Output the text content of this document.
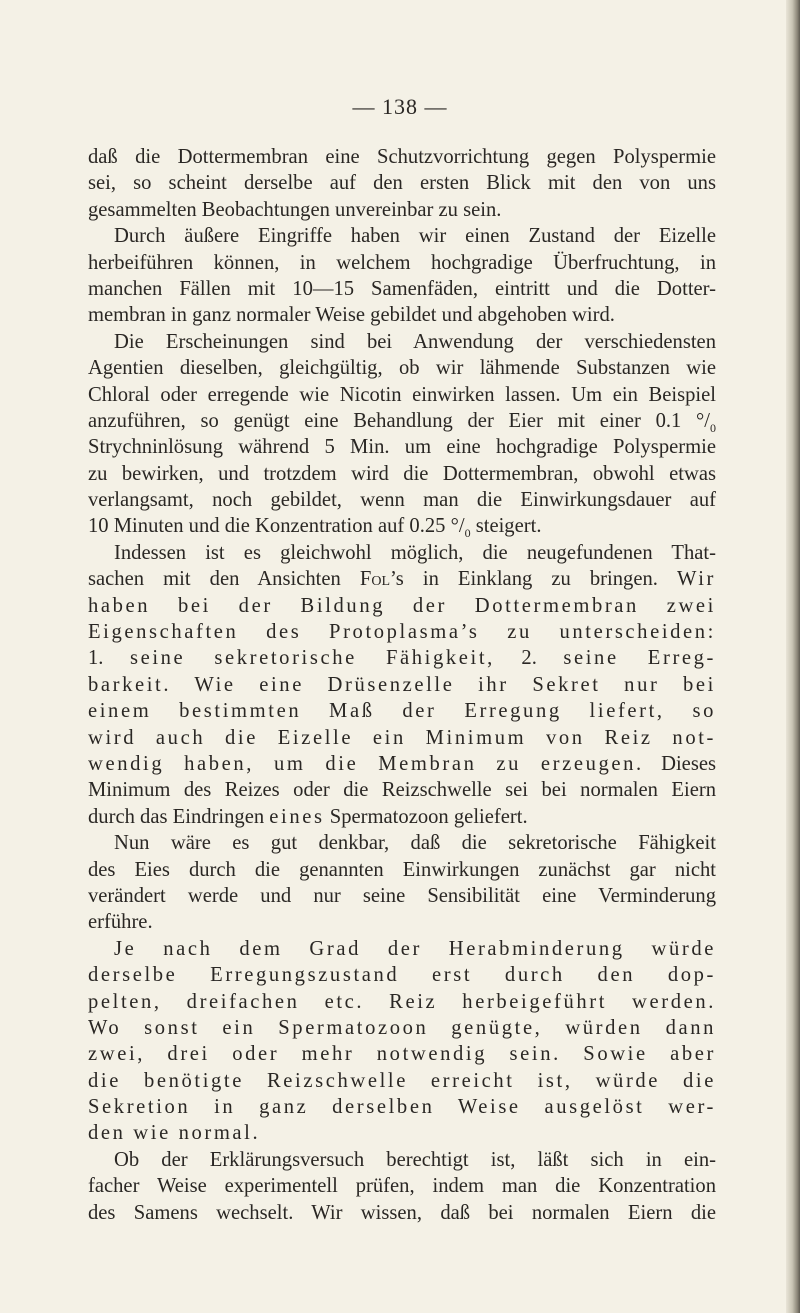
— 138 —
daß die Dottermembran eine Schutzvorrichtung gegen Polyspermie
sei, so scheint derselbe auf den ersten Blick mit den von uns
gesammelten Beobachtungen unvereinbar zu sein.
Durch äußere Eingriffe haben wir einen Zustand der Eizelle
herbeiführen können, in welchem hochgradige Überfruchtung, in
manchen Fällen mit 10—15 Samenfäden, eintritt und die Dotter-
membran in ganz normaler Weise gebildet und abgehoben wird.
Die Erscheinungen sind bei Anwendung der verschiedensten
Agentien dieselben, gleichgültig, ob wir lähmende Substanzen wie
Chloral oder erregende wie Nicotin einwirken lassen. Um ein Beispiel
anzuführen, so genügt eine Behandlung der Eier mit einer 0.1 $^\circ/_0$
Strychninlösung während 5 Min. um eine hochgradige Polyspermie
zu bewirken, und trotzdem wird die Dottermembran, obwohl etwas
verlangsamt, noch gebildet, wenn man die Einwirkungsdauer auf
10 Minuten und die Konzentration auf 0.25 $^\circ/_0$ steigert.
Indessen ist es gleichwohl möglich, die neugefundenen That-
sachen mit den Ansichten Fol’s in Einklang zu bringen. Wir
haben bei der Bildung der Dottermembran zwei
Eigenschaften des Protoplasma’s zu unterscheiden:
1. seine sekretorische Fähigkeit, 2. seine Erreg-
barkeit. Wie eine Drüsenzelle ihr Sekret nur bei
einem bestimmten Maß der Erregung liefert, so
wird auch die Eizelle ein Minimum von Reiz not-
wendig haben, um die Membran zu erzeugen. Dieses
Minimum des Reizes oder die Reizschwelle sei bei normalen Eiern
durch das Eindringen eines Spermatozoon geliefert.
Nun wäre es gut denkbar, daß die sekretorische Fähigkeit
des Eies durch die genannten Einwirkungen zunächst gar nicht
verändert werde und nur seine Sensibilität eine Verminderung
erführe.
Je nach dem Grad der Herabminderung würde
derselbe Erregungszustand erst durch den dop-
pelten, dreifachen etc. Reiz herbeigeführt werden.
Wo sonst ein Spermatozoon genügte, würden dann
zwei, drei oder mehr notwendig sein. Sowie aber
die benötigte Reizschwelle erreicht ist, würde die
Sekretion in ganz derselben Weise ausgelöst wer-
den wie normal.
Ob der Erklärungsversuch berechtigt ist, läßt sich in ein-
facher Weise experimentell prüfen, indem man die Konzentration
des Samens wechselt. Wir wissen, daß bei normalen Eiern die
